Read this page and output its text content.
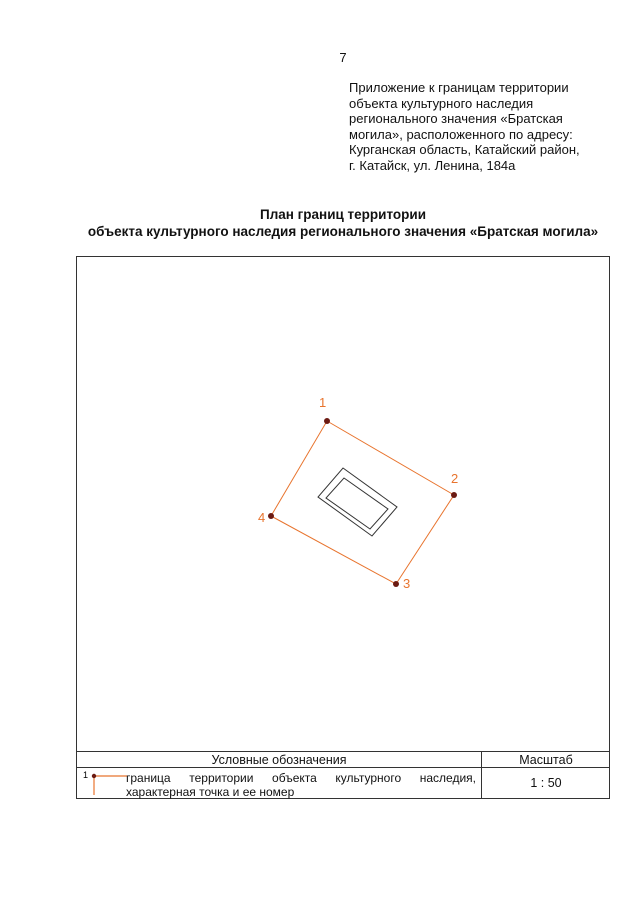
7
Приложение к границам территории
объекта культурного наследия
регионального значения «Братская
могила», расположенного по адресу:
Курганская область, Катайский район,
г. Катайск, ул. Ленина, 184а
План границ территории
объекта культурного наследия регионального значения «Братская могила»
1
2
3
4
Условные обозначения	Масштаб
1	граница территории объекта культурного наследия, характерная точка и ее номер
1 : 50
